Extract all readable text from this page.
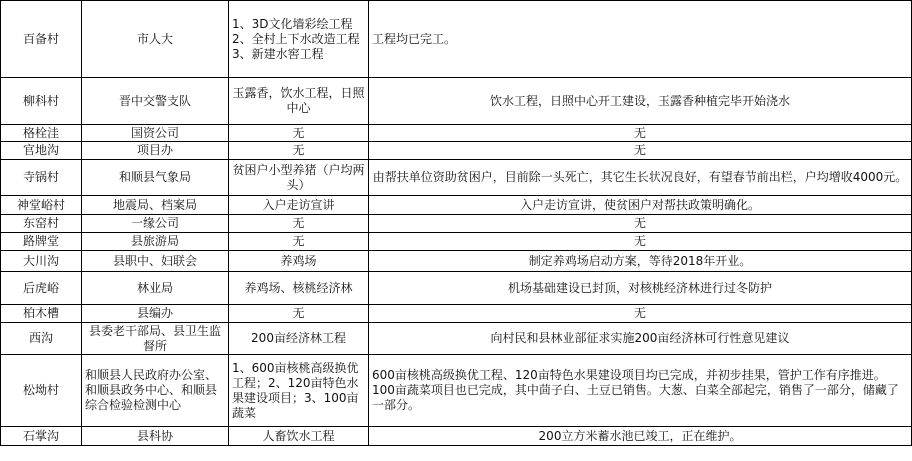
百备村	市人大	1、3D文化墙彩绘工程
2、全村上下水改造工程
3、新建水窖工程	工程均已完工。
柳科村	晋中交警支队	玉露香，饮水工程，日照中心	饮水工程，日照中心开工建设，玉露香种植完毕开始浇水
格栓洼	国资公司	无	无
官地沟	项目办	无	无
寺锅村	和顺县气象局	贫困户小型养猪（户均两头）	由帮扶单位资助贫困户，目前除一头死亡，其它生长状况良好，有望春节前出栏，户均增收4000元。
神堂峪村	地震局、档案局	入户走访宣讲	入户走访宣讲，使贫困户对帮扶政策明确化。
东窑村	一缘公司	无	无
路牌堂	县旅游局	无	无
大川沟	县职中、妇联会	养鸡场	制定养鸡场启动方案，等待2018年开业。
后虎峪	林业局	养鸡场、核桃经济林	机场基础建设已封顶，对核桃经济林进行过冬防护
柏木槽	县编办	无	无
西沟	县委老干部局、县卫生监督所	200亩经济林工程	向村民和县林业部征求实施200亩经济林可行性意见建议
松坳村	和顺县人民政府办公室、和顺县政务中心、和顺县综合检验检测中心	1、600亩核桃高级换优工程；2、120亩特色水果建设项目；3、100亩蔬菜	600亩核桃高级换优工程、120亩特色水果建设项目均已完成，并初步挂果，管护工作有序推进。100亩蔬菜项目也已完成，其中茴子白、土豆已销售。大葱、白菜全部起完，销售了一部分，储藏了一部分。
石掌沟	县科协	人畜饮水工程	200立方米蓄水池已竣工，正在维护。
